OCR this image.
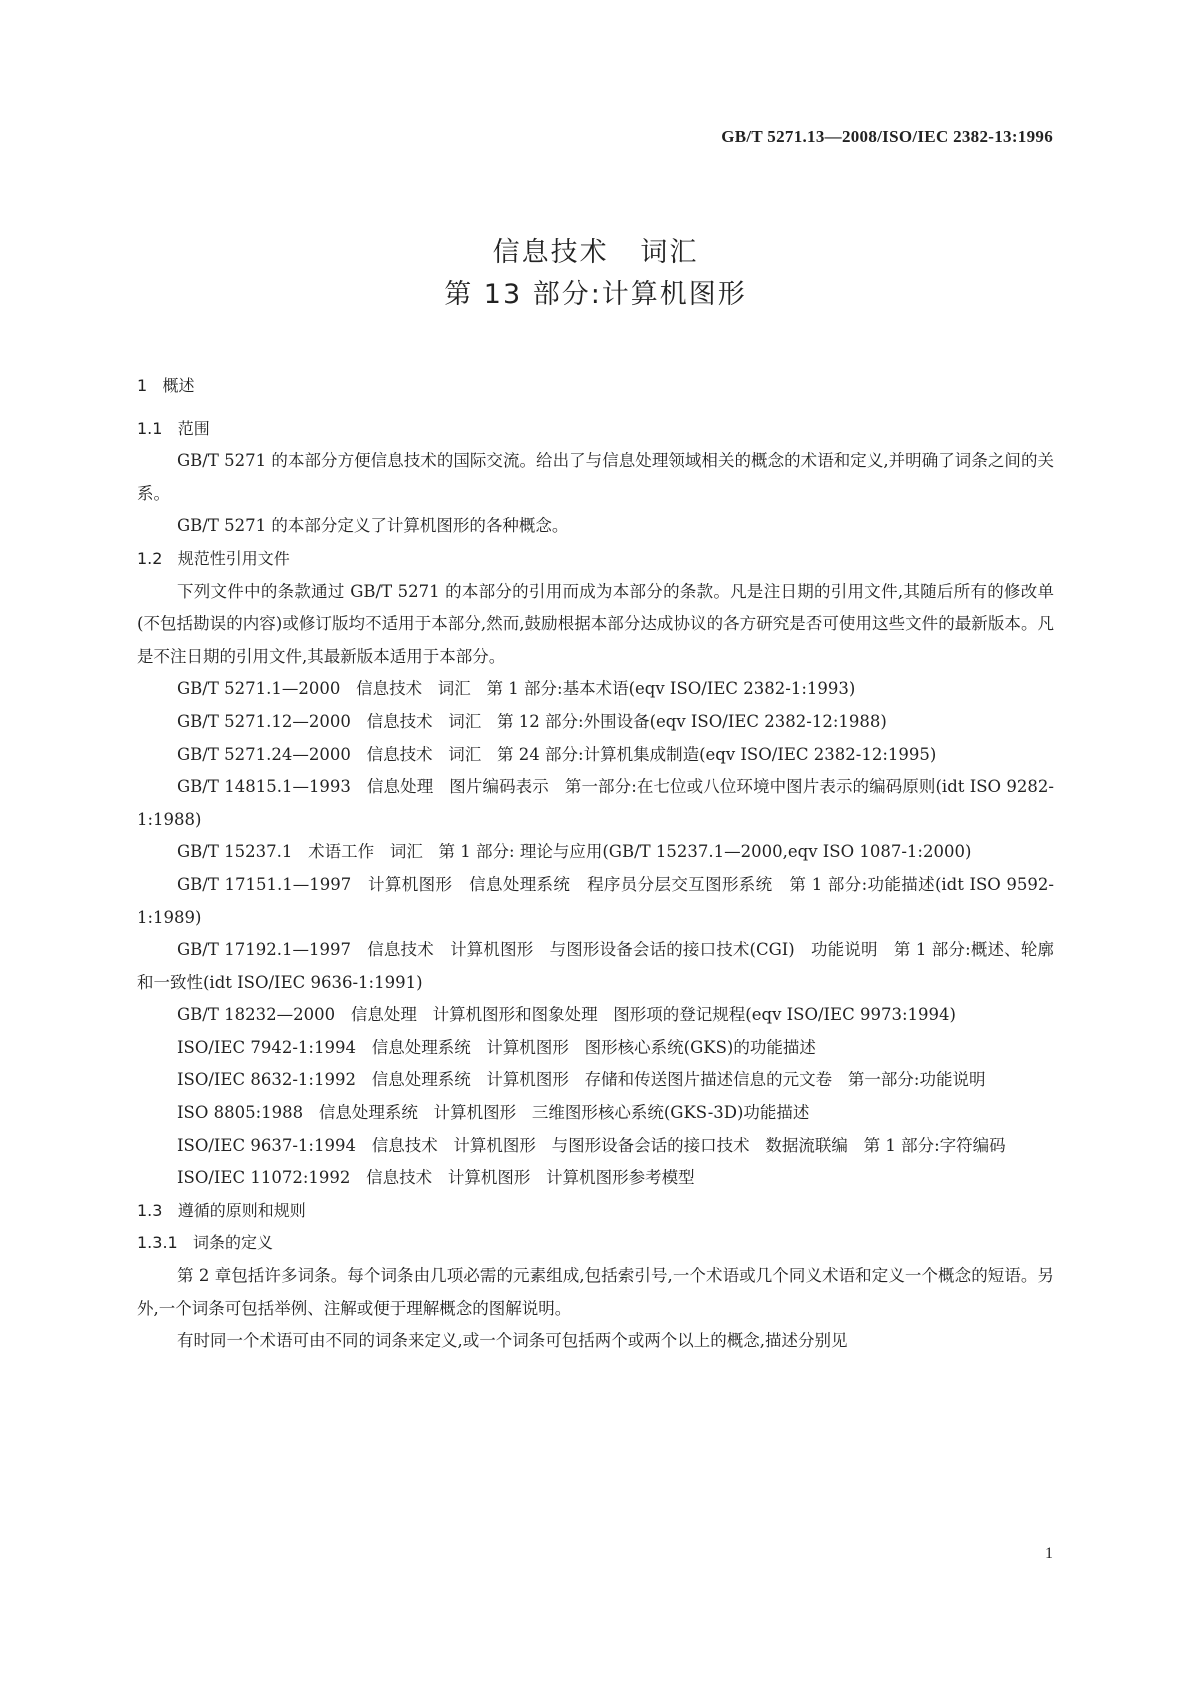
GB/T 5271.13—2008/ISO/IEC 2382-13:1996
信息技术   词汇
第 13 部分:计算机图形
1   概述
1.1   范围

GB/T 5271 的本部分方便信息技术的国际交流。给出了与信息处理领域相关的概念的术语和定义,并明确了词条之间的关系。

GB/T 5271 的本部分定义了计算机图形的各种概念。

1.2   规范性引用文件

下列文件中的条款通过 GB/T 5271 的本部分的引用而成为本部分的条款。凡是注日期的引用文件,其随后所有的修改单(不包括勘误的内容)或修订版均不适用于本部分,然而,鼓励根据本部分达成协议的各方研究是否可使用这些文件的最新版本。凡是不注日期的引用文件,其最新版本适用于本部分。

GB/T 5271.1—2000   信息技术   词汇   第 1 部分:基本术语(eqv ISO/IEC 2382-1:1993)

GB/T 5271.12—2000   信息技术   词汇   第 12 部分:外围设备(eqv ISO/IEC 2382-12:1988)

GB/T 5271.24—2000   信息技术   词汇   第 24 部分:计算机集成制造(eqv ISO/IEC 2382-12:1995)

GB/T 14815.1—1993   信息处理   图片编码表示   第一部分:在七位或八位环境中图片表示的编码原则(idt ISO 9282-1:1988)

GB/T 15237.1   术语工作   词汇   第 1 部分: 理论与应用(GB/T 15237.1—2000,eqv ISO 1087-1:2000)

GB/T 17151.1—1997   计算机图形   信息处理系统   程序员分层交互图形系统   第 1 部分:功能描述(idt ISO 9592-1:1989)

GB/T 17192.1—1997   信息技术   计算机图形   与图形设备会话的接口技术(CGI)   功能说明   第 1 部分:概述、轮廓和一致性(idt ISO/IEC 9636-1:1991)

GB/T 18232—2000   信息处理   计算机图形和图象处理   图形项的登记规程(eqv ISO/IEC 9973:1994)

ISO/IEC 7942-1:1994   信息处理系统   计算机图形   图形核心系统(GKS)的功能描述

ISO/IEC 8632-1:1992   信息处理系统   计算机图形   存储和传送图片描述信息的元文卷   第一部分:功能说明

ISO 8805:1988   信息处理系统   计算机图形   三维图形核心系统(GKS-3D)功能描述

ISO/IEC 9637-1:1994   信息技术   计算机图形   与图形设备会话的接口技术   数据流联编   第 1 部分:字符编码

ISO/IEC 11072:1992   信息技术   计算机图形   计算机图形参考模型

1.3   遵循的原则和规则
1.3.1   词条的定义

第 2 章包括许多词条。每个词条由几项必需的元素组成,包括索引号,一个术语或几个同义术语和定义一个概念的短语。另外,一个词条可包括举例、注解或便于理解概念的图解说明。

有时同一个术语可由不同的词条来定义,或一个词条可包括两个或两个以上的概念,描述分别见

1
